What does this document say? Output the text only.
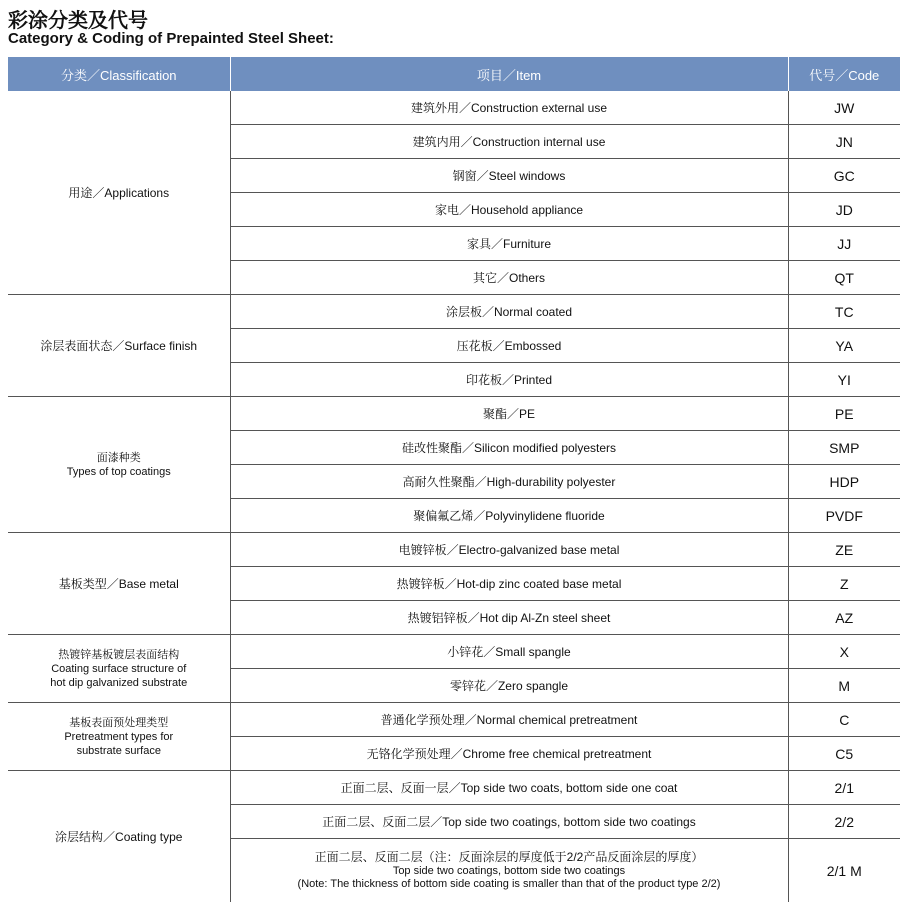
彩涂分类及代号
Category & Coding of Prepainted Steel Sheet:
分类／Classification	项目／Item	代号／Code
用途／Applications	建筑外用／Construction external use	JW
	建筑内用／Construction internal use	JN
	钢窗／Steel windows	GC
	家电／Household appliance	JD
	家具／Furniture	JJ
	其它／Others	QT
涂层表面状态／Surface finish	涂层板／Normal coated	TC
	压花板／Embossed	YA
	印花板／Printed	YI

面漆种类
Types of top coatings	聚酯／PE	PE
	硅改性聚酯／Silicon modified polyesters	SMP
	高耐久性聚酯／High-durability polyester	HDP
	聚偏氟乙烯／Polyvinylidene fluoride	PVDF
基板类型／Base metal	电镀锌板／Electro-galvanized base metal	ZE
	热镀锌板／Hot-dip zinc coated base metal	Z
	热镀铝锌板／Hot dip Al-Zn steel sheet	AZ

热镀锌基板镀层表面结构
Coating surface structure of
hot dip galvanized substrate	小锌花／Small spangle	X
	零锌花／Zero spangle	M

基板表面预处理类型
Pretreatment types for
substrate surface	普通化学预处理／Normal chemical pretreatment	C
	无铬化学预处理／Chrome free chemical pretreatment	C5
涂层结构／Coating type	正面二层、反面一层／Top side two coats, bottom side one coat	2/1
	正面二层、反面二层／Top side two coatings, bottom side two coatings	2/2

	正面二层、反面二层（注：反面涂层的厚度低于2/2产品反面涂层的厚度）
Top side two coatings, bottom side two coatings
(Note: The thickness of bottom side coating is smaller than that of the product type 2/2)	2/1 M
